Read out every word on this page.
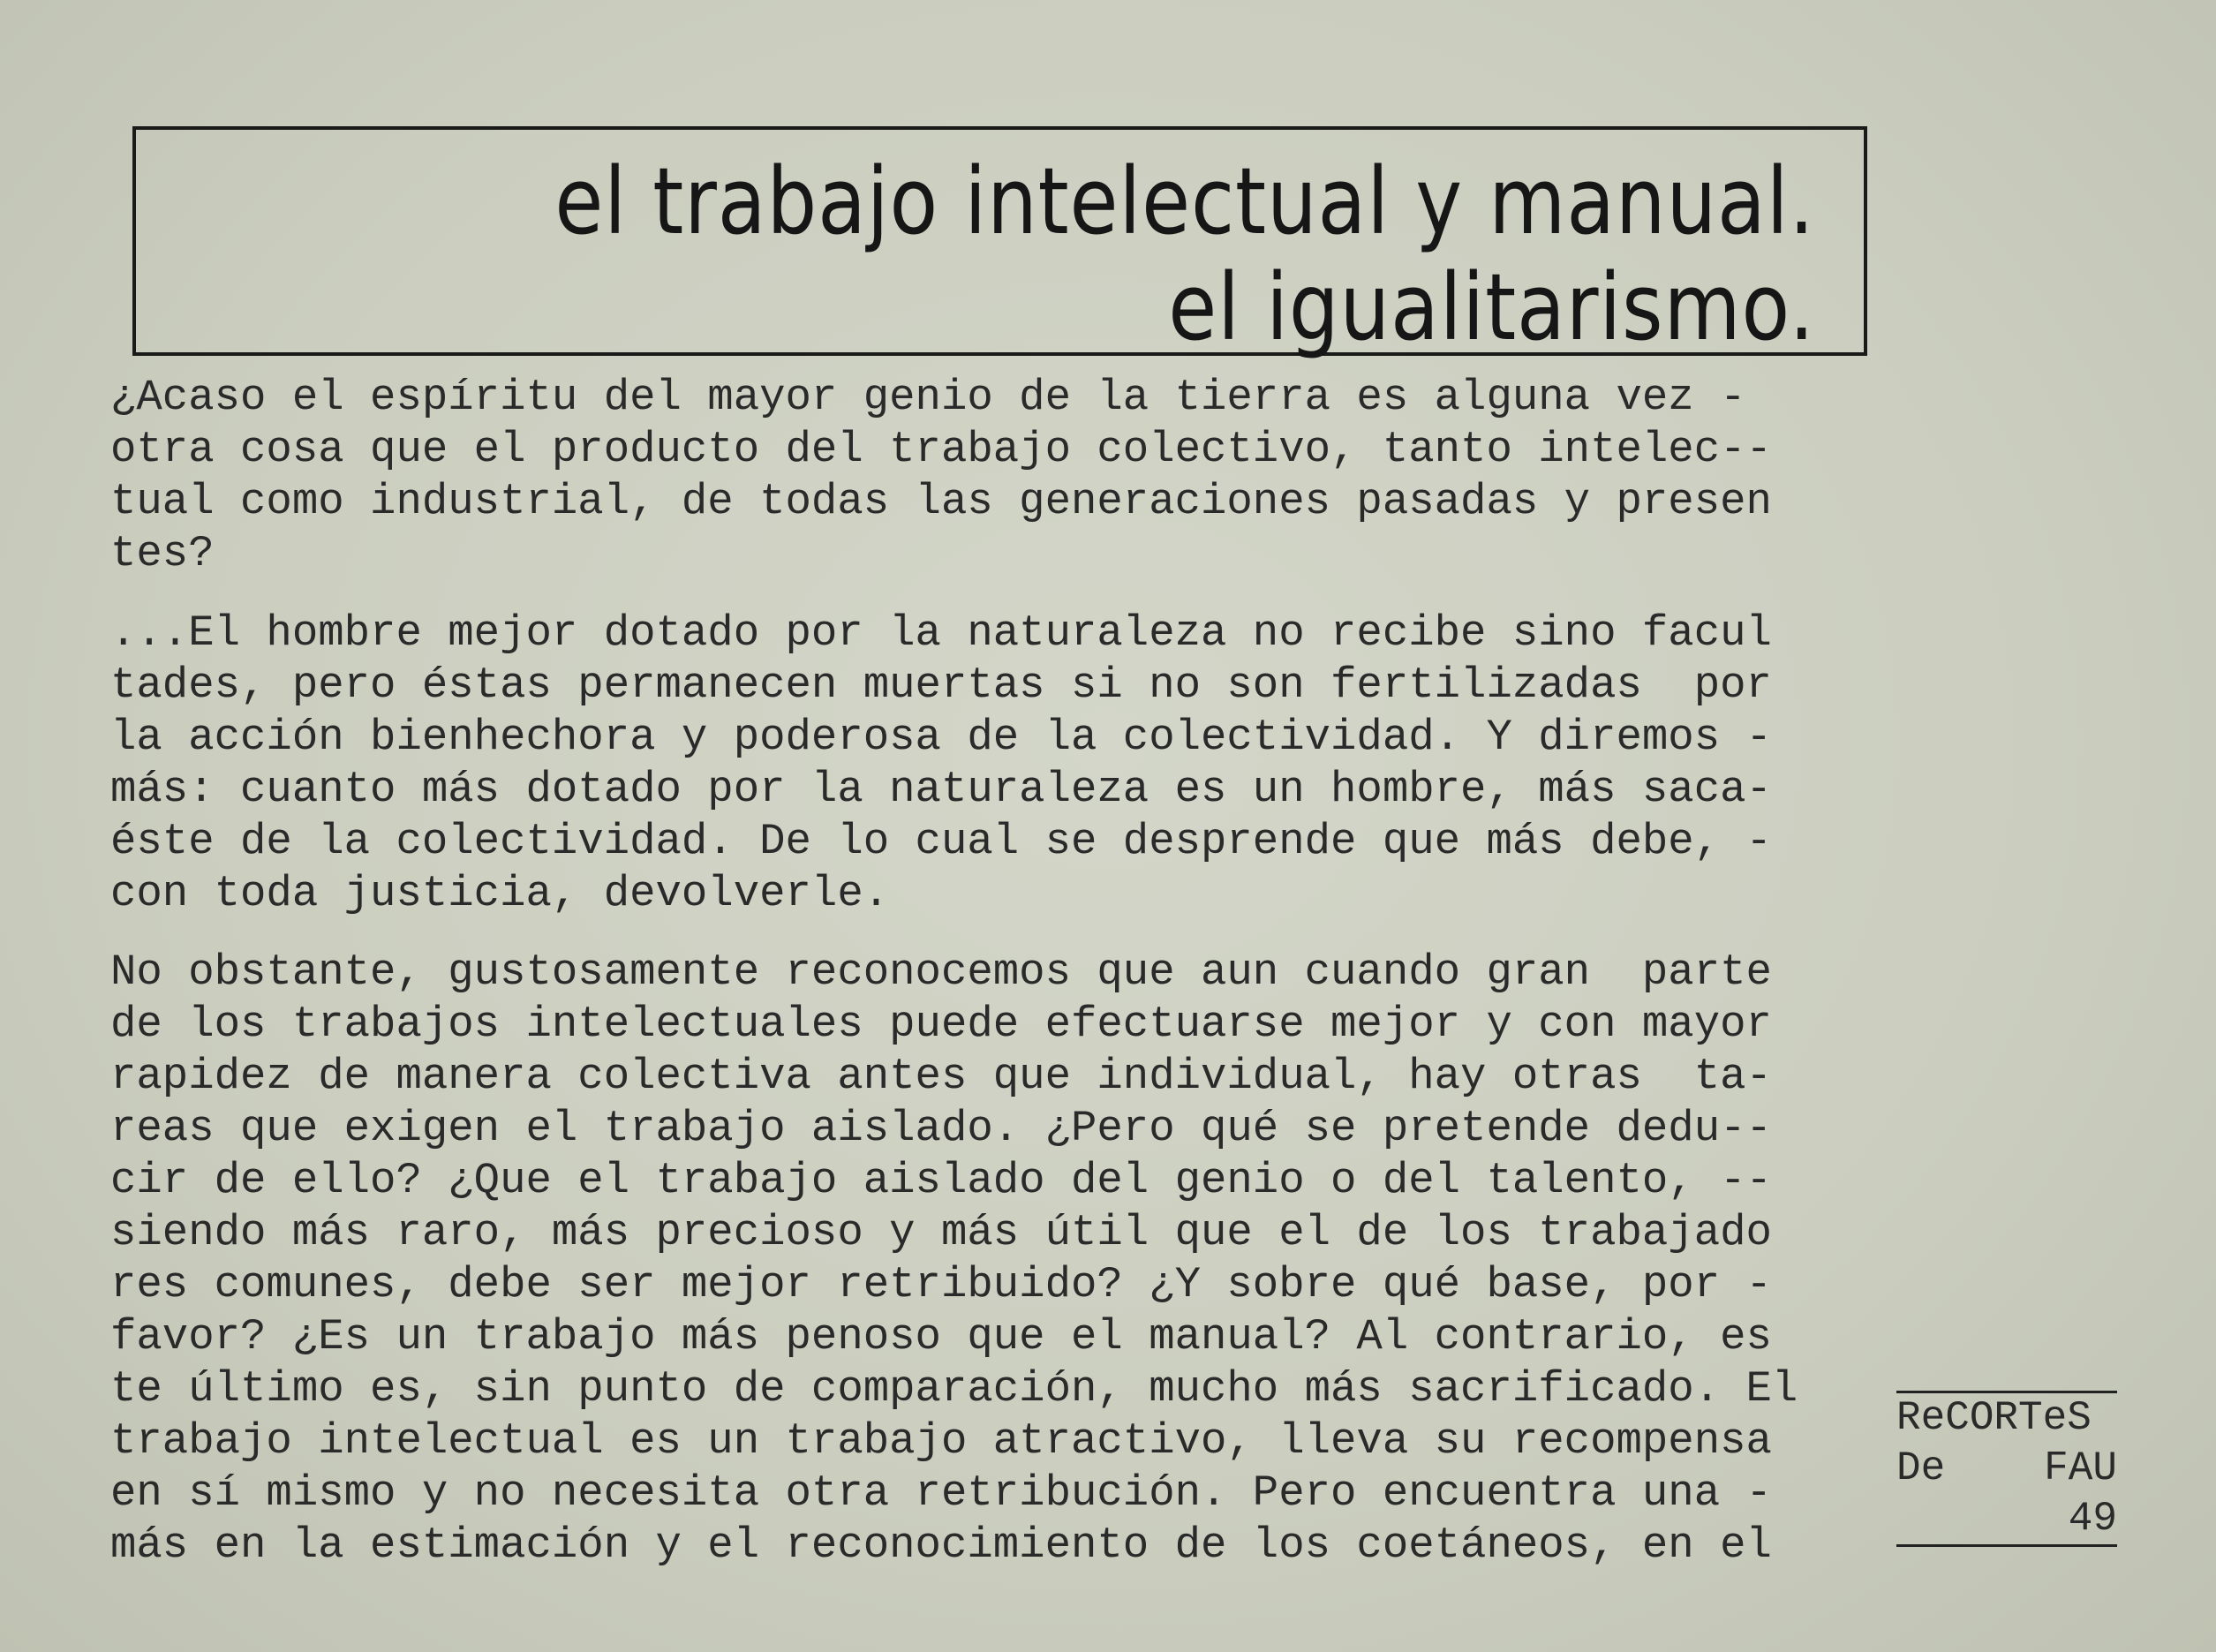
el trabajo intelectual y manual.
el igualitarismo.
¿Acaso el espíritu del mayor genio de la tierra es alguna vez -
otra cosa que el producto del trabajo colectivo, tanto intelec--
tual como industrial, de todas las generaciones pasadas y presen
tes?
...El hombre mejor dotado por la naturaleza no recibe sino facul
tades, pero éstas permanecen muertas si no son fertilizadas  por
la acción bienhechora y poderosa de la colectividad. Y diremos -
más: cuanto más dotado por la naturaleza es un hombre, más saca-
éste de la colectividad. De lo cual se desprende que más debe, -
con toda justicia, devolverle.
No obstante, gustosamente reconocemos que aun cuando gran  parte
de los trabajos intelectuales puede efectuarse mejor y con mayor
rapidez de manera colectiva antes que individual, hay otras  ta-
reas que exigen el trabajo aislado. ¿Pero qué se pretende dedu--
cir de ello? ¿Que el trabajo aislado del genio o del talento, --
siendo más raro, más precioso y más útil que el de los trabajado
res comunes, debe ser mejor retribuido? ¿Y sobre qué base, por -
favor? ¿Es un trabajo más penoso que el manual? Al contrario, es
te último es, sin punto de comparación, mucho más sacrificado. El
trabajo intelectual es un trabajo atractivo, lleva su recompensa
en sí mismo y no necesita otra retribución. Pero encuentra una -
más en la estimación y el reconocimiento de los coetáneos, en el
ReCORTeS
De FAU
49
